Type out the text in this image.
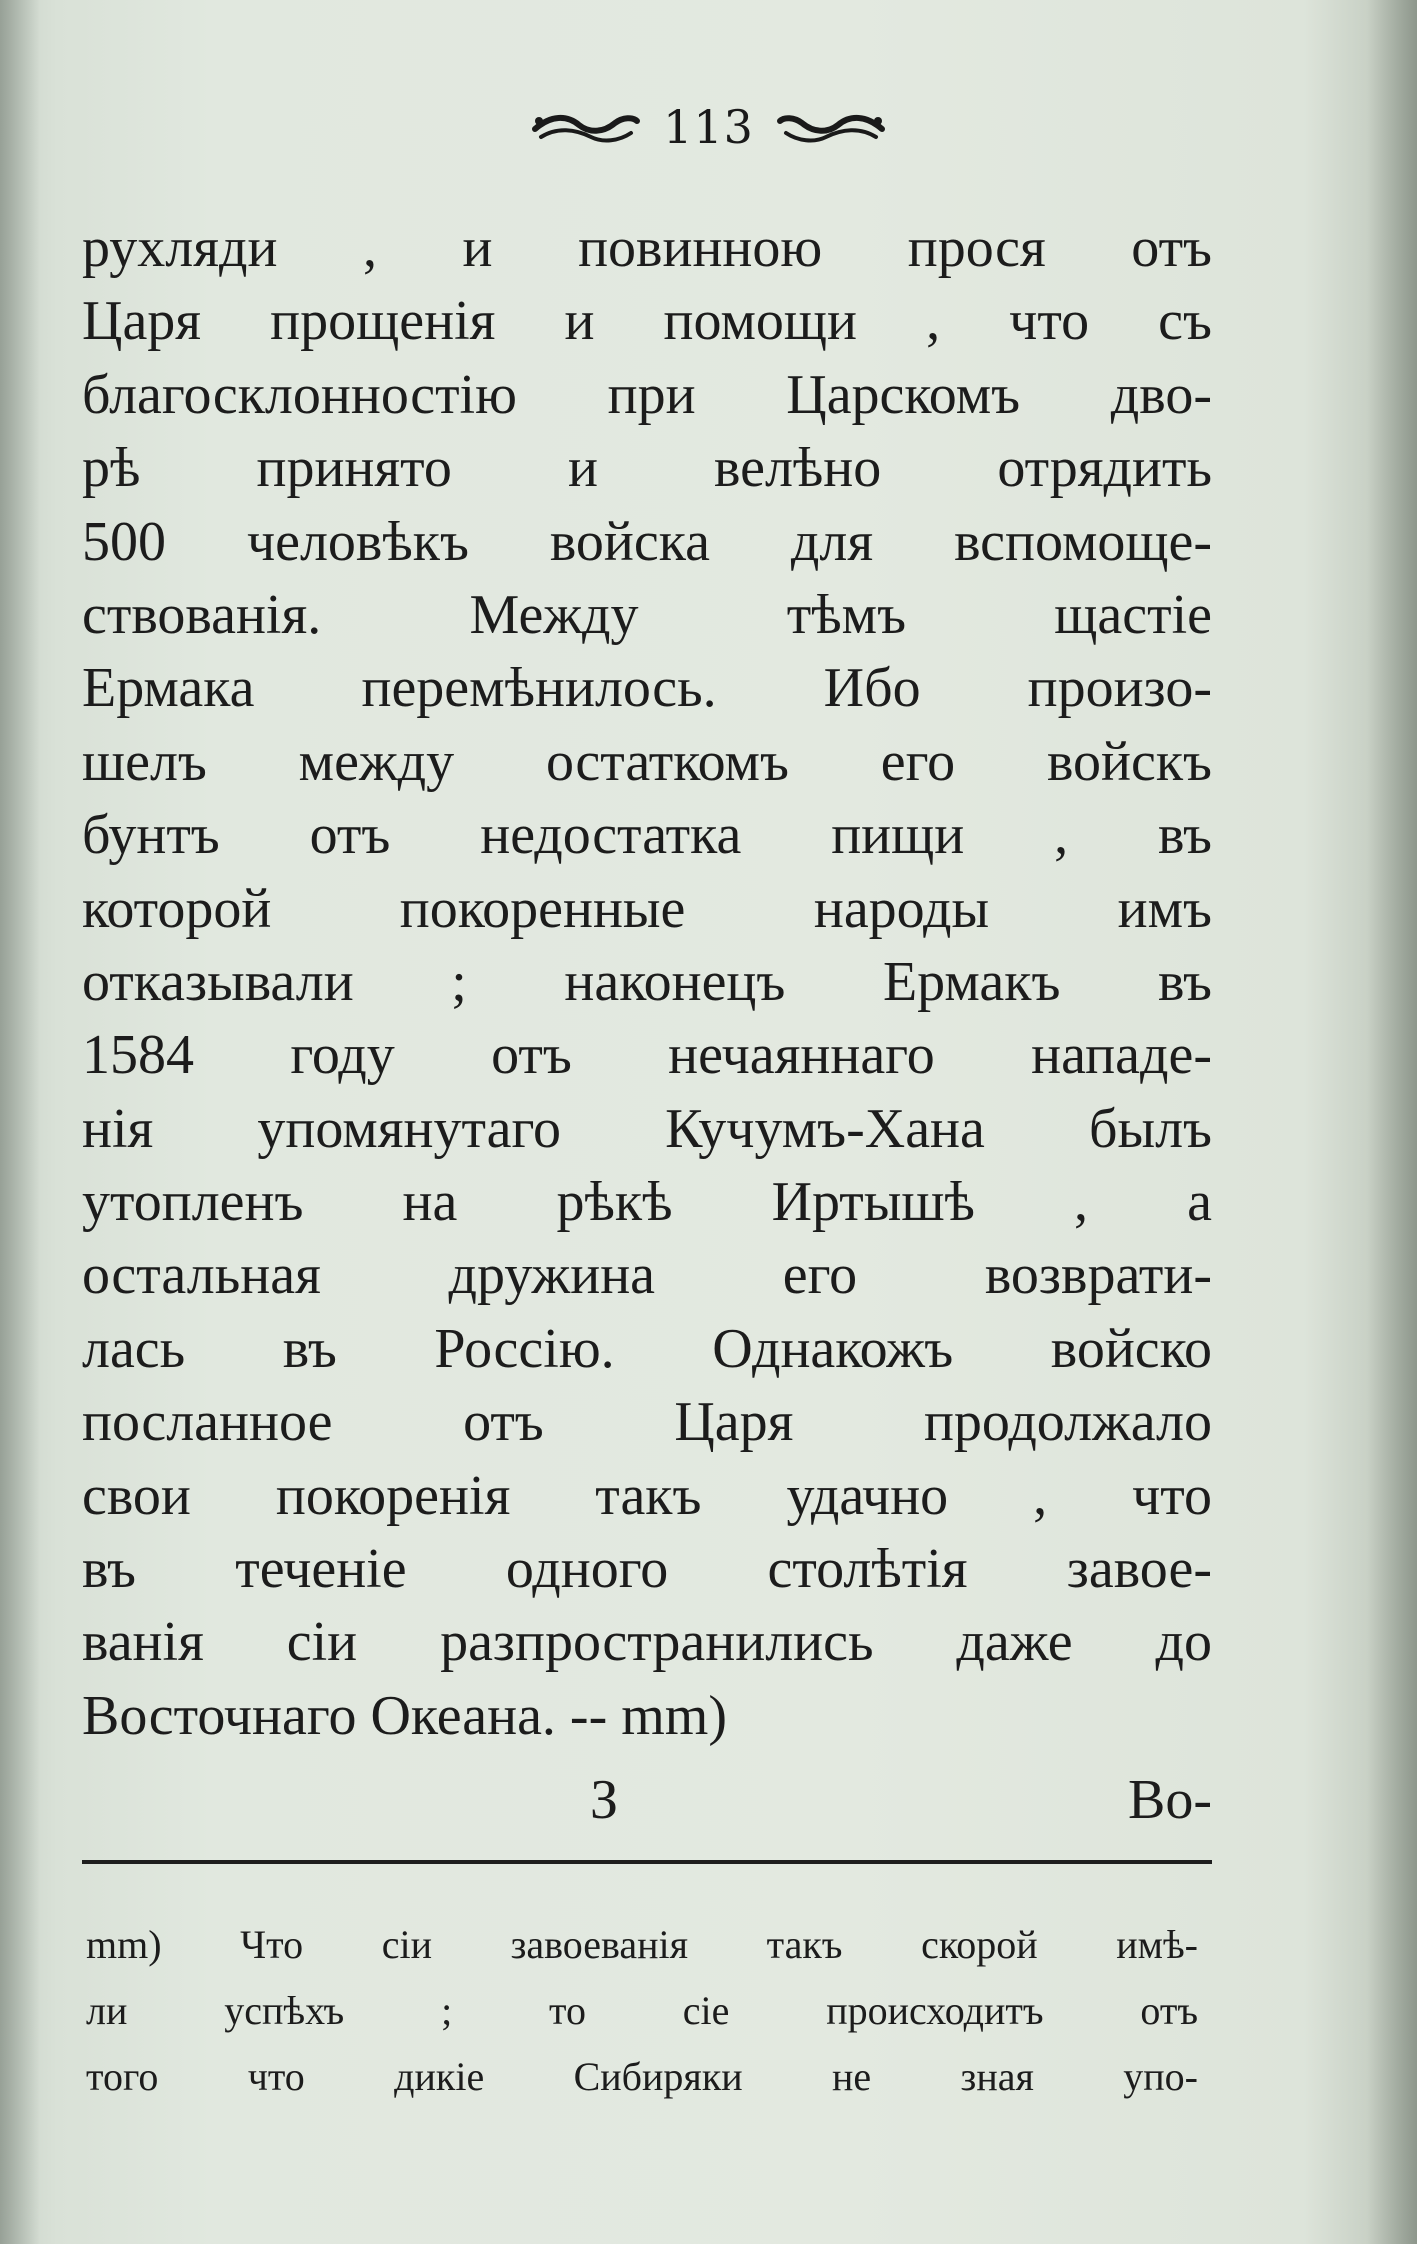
113
рухляди , и повинною прося отъ
Царя прощенія и помощи , что съ
благосклонностію при Царскомъ дво-
рѣ принято и велѣно отрядить
500 человѣкъ войска для вспомоще-
ствованія. Между тѣмъ щастіе
Ермака перемѣнилось. Ибо произо-
шелъ между остаткомъ его войскъ
бунтъ отъ недостатка пищи , въ
которой покоренные народы имъ
отказывали ; наконецъ Ермакъ въ
1584 году отъ нечаяннаго нападе-
нія упомянутаго Кучумъ-Хана былъ
утопленъ на рѣкѣ Иртышѣ , а
остальная дружина его возврати-
лась въ Россію. Однакожъ войско
посланное отъ Царя продолжало
свои покоренія такъ удачно , что
въ теченіе одного столѣтія завое-
ванія сіи разпространились даже до
Восточнаго Океана. -- mm)
З	Во-
mm) Что сіи завоеванія такъ скорой имѣ-
ли успѣхъ ; то сіе происходитъ отъ
того что дикіе Сибиряки не зная упо-
